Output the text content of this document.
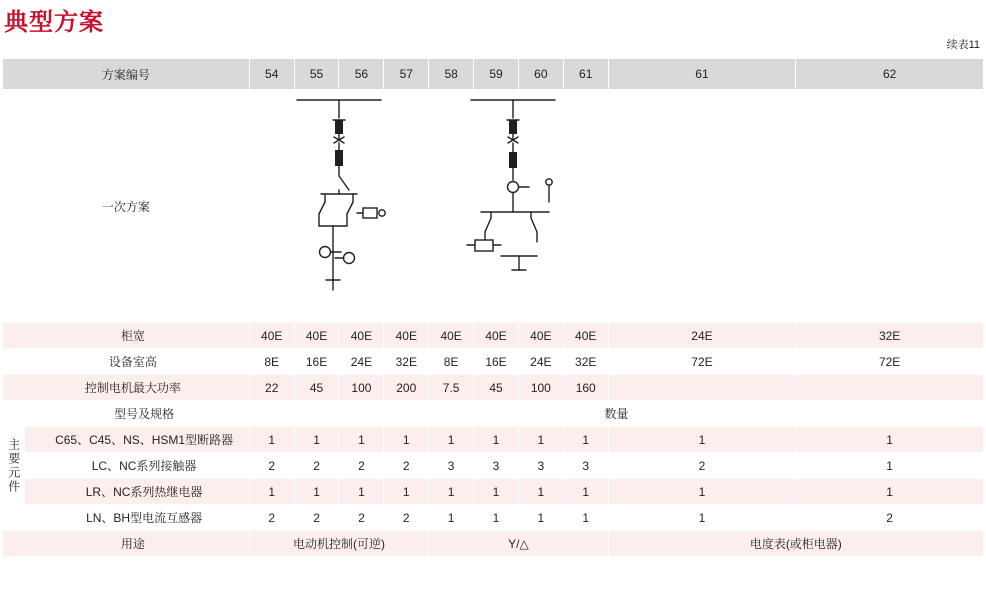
典型方案
续表11
方案编号		54	55	56	57	58	59	60	61	61	62
一次方案	

柜宽		40E	40E	40E	40E	40E	40E	40E	40E	24E	32E
设备室高		8E	16E	24E	32E	8E	16E	24E	32E	72E	72E
控制电机最大功率		22	45	100	200	7.5	45	100	160		

主要元件	型号及规格	数量									
	C65、C45、NS、HSM1型断路器	1	1	1	1	1	1	1	1	1	1
	LC、NC系列接触器	2	2	2	2	3	3	3	3	2	1
	LR、NC系列热继电器	1	1	1	1	1	1	1	1	1	1
	LN、BH型电流互感器	2	2	2	2	1	1	1	1	1	2
用途		电动机控制(可逆)				Y/△				电度表(或柜电器)	
